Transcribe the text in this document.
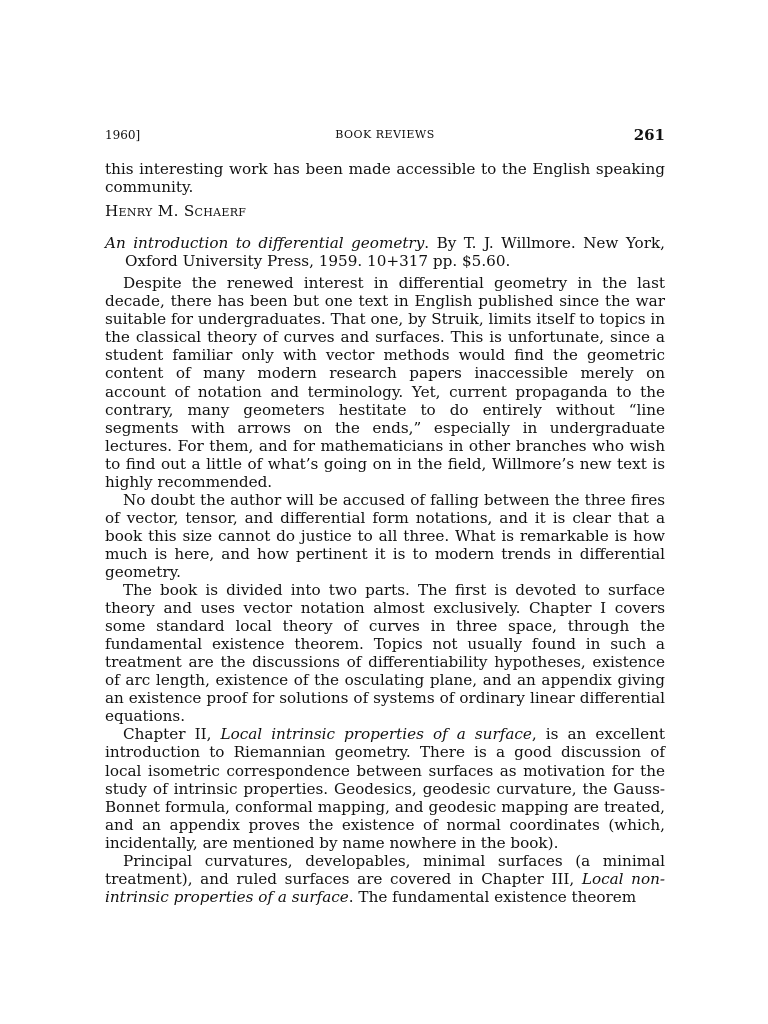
1960]	BOOK REVIEWS	261

this interesting work has been made accessible to the English speaking community.

Henry M. Schaerf

An introduction to differential geometry. By T. J. Willmore. New York, Oxford University Press, 1959. 10+317 pp. $5.60.

Despite the renewed interest in differential geometry in the last decade, there has been but one text in English published since the war suitable for undergraduates. That one, by Struik, limits itself to topics in the classical theory of curves and surfaces. This is unfortunate, since a student familiar only with vector methods would find the geometric content of many modern research papers inaccessible merely on account of notation and terminology. Yet, current propaganda to the contrary, many geometers hestitate to do entirely without “line segments with arrows on the ends,” especially in undergraduate lectures. For them, and for mathematicians in other branches who wish to find out a little of what’s going on in the field, Willmore’s new text is highly recommended.

No doubt the author will be accused of falling between the three fires of vector, tensor, and differential form notations, and it is clear that a book this size cannot do justice to all three. What is remarkable is how much is here, and how pertinent it is to modern trends in differential geometry.

The book is divided into two parts. The first is devoted to surface theory and uses vector notation almost exclusively. Chapter I covers some standard local theory of curves in three space, through the fundamental existence theorem. Topics not usually found in such a treatment are the discussions of differentiability hypotheses, existence of arc length, existence of the osculating plane, and an appendix giving an existence proof for solutions of systems of ordinary linear differential equations.

Chapter II, Local intrinsic properties of a surface, is an excellent introduction to Riemannian geometry. There is a good discussion of local isometric correspondence between surfaces as motivation for the study of intrinsic properties. Geodesics, geodesic curvature, the Gauss-Bonnet formula, conformal mapping, and geodesic mapping are treated, and an appendix proves the existence of normal coordinates (which, incidentally, are mentioned by name nowhere in the book).

Principal curvatures, developables, minimal surfaces (a minimal treatment), and ruled surfaces are covered in Chapter III, Local non-intrinsic properties of a surface. The fundamental existence theorem
